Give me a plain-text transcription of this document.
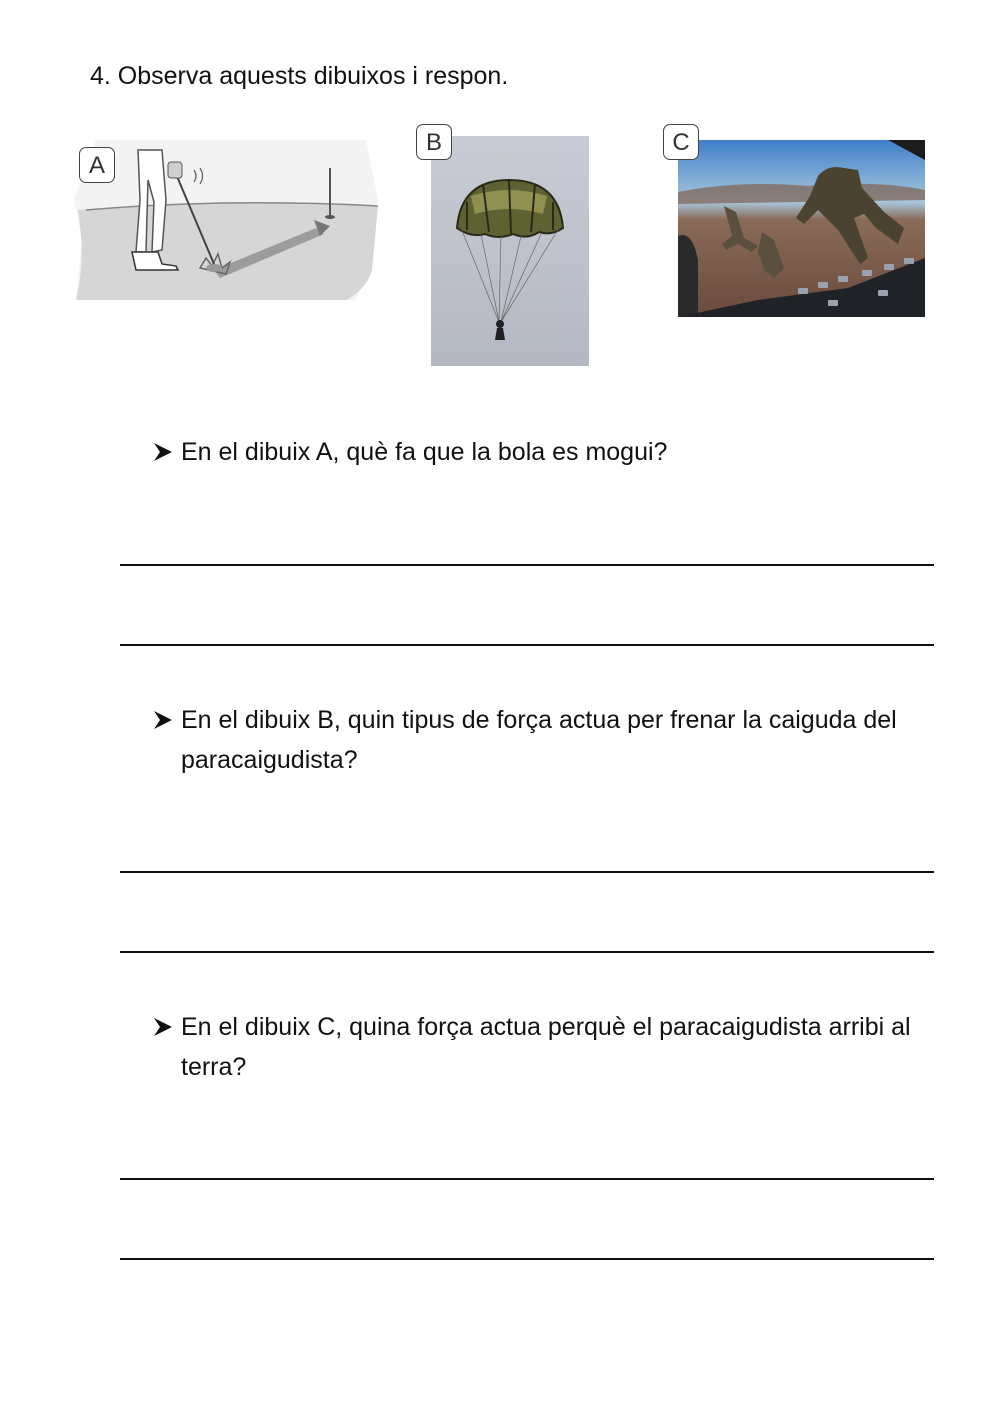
4. Observa aquests dibuixos i respon.
A
B	C
En el dibuix A, què fa que la bola es mogui?
En el dibuix B, quin tipus de força actua per frenar la caiguda del paracaigudista?
En el dibuix C, quina força actua perquè el paracaigudista arribi al terra?
